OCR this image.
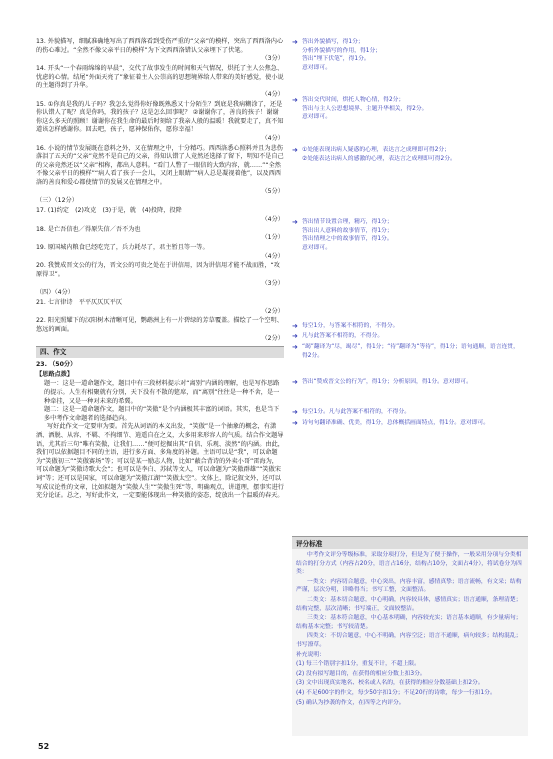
13. 外貌描写，细腻准确地写出了西西落看到受伤严重的“父亲”的模样，突出了西西洛内心的伤心难过。“全然不像父亲平日的模样”为下文西西洛错认父亲埋下了伏笔。
（3分）
14. 开头“一个春雨绵绵的早晨”，交代了故事发生的时间和天气情况，烘托了主人公焦急、忧虑的心情。结尾“外面天亮了”象征着主人公崇高的思想境界给人带来的美好感觉，使小说的主题得到了升华。
（4分）
15. ①你真是我的儿子吗？我怎么觉得你好像既熟悉又十分陌生？到底是我病糊涂了，还是你认错人了呢？真是你吗，我的孩子？这是怎么回事呢？ ②谢谢你了，善良的孩子！谢谢你这么多天的照顾！谢谢你在我生命的最后时刻给了我亲人般的温暖！我就要走了，真不知道该怎样感谢你。回去吧，孩子，愿神保佑你，愿你幸福！
（4分）
16. 小说的情节发展既在意料之外，又在情理之中，十分精巧。西西洛悉心照料并且为悲伤落泪了五天的“父亲”竟然不是自己的父亲，得知认错了人竟然还选择了留下，明知不是自己的父亲竟然还以“父亲”相称，都出人意料。“看门人瞥了一眼信的大致内容，就……”“全然不像父亲平日的模样”“病人看了孩子一会儿，又闭上眼睛”“病人总是凝视着他”，以及西西洛的善良和爱心都使情节的发展又在情理之中。
（5分）
（三）（12分）
17. (1)约定　(2)攻克　(3)于是，就　(4)投降，投降
（4分）
18. 是亡吾信也／得原失信／吾不为也
（1分）
19. 原国城内粮食已经吃完了，兵力耗尽了，君主暂且等一等。
（4分）
20. 我赞成晋文公的行为，晋文公的可贵之处在于讲信用，因为讲信用才能不战而胜，“攻原得卫”。
（3分）
（四）（4分）
21. 七言律诗　平平仄仄仄平仄
（2分）
22. 阳光照耀下的汉阳树木清晰可见，鹦鹉洲上有一片碧绿的芳草覆盖。描绘了一个空明、悠远的画面。
（2分）
四、作文
23. （50分）
【思路点拨】

题一：这是一道命题作文，题目中有三段材料提示对“离别”内涵的理解，也是写作思路的提示。人生有相聚就有分别，天下没有不散的筵席，而“离别”往往是一种不舍，是一种牵挂，又是一种对未来的希冀。

题二：这是一道命题作文，题目中的“笑傲”是个内涵极其丰富的词语。其实，也是当下多中考作文命题者的选择趋向。

写好此作文一定要审为要。首先从词语的本义出发，“笑傲”是一个抽象的概念，有潇洒、洒脱、从容、不羁、不拘细节、逍遥自在之义，大多用来形容人的气质。结合作文题导语，尤其后三句“唯有笑傲，让我们……”便可挖掘出其“自信、乐观、淡然”的内涵。由此，我们可以依据题目不同的主语，进行多方面、多角度的补题。主语可以是“我”，可以命题为“笑傲初三”“笑傲赛场”等；可以是某一励志人物，比如“蔽合背诗的外卖小哥”雷海为，可以命题为“笑傲诗歌大会”；也可以是李白、苏轼等文人，可以命题为“笑傲群雄”“笑傲宋词”等；还可以是国家，可以命题为“笑傲江湖”“笑傲太空”。文体上，除记叙文外，还可以写成议论性的文章，比如拟题为“笑傲人生”“笑傲生死”等，明确观点，讲道理，摆事实进行充分论证。总之，写好此作文，一定要能体现出一种笑傲的姿态，绽放出一个温暖的春天。

➜ 答出外貌描写，得1分；
分析外貌描写的作用，得1分；
答出“埋下伏笔”，得1分。
意对即可。
➜ 答出交代时间，烘托人物心情，得2分；
答出与主人公思想境界、主题升华相关，得2分。
意对即可。
➜ ①处能表现出病人疑惑的心理，表达言之成理即可得2分；
②处能表达出病人的感激的心理，表达言之成理即可得2分。
➜ 答出情节设置合理，精巧，得1分；
答出出人意料的故事情节，得1分；
答出情理之中的故事情节，得1分。
意对即可。
➜ 每空1分，与答案不相符的，不得分。
➜ 凡与此答案不相符的，不得分。
➜ “竭”翻译为“尽，竭尽”，得1分；“待”翻译为“等待”，得1分；语句通顺，语言连贯，得2分。
➜ 答出“赞成晋文公的行为”，得1分；分析原因，得1分。意对即可。
➜ 每空1分。凡与此答案不相符的，不得分。
➜ 诗句句翻译准确、优美，得1分，总体概括画面特点，得1分。意对即可。
评分标准

中考作文评分等级标准，采取分项打分，但是为了便于操作，一般采用分项与分类相结合的打分方式（内容占20分，语言占16分，结构占10分，文面占4分），将试卷分为四类：

一类文：内容切合题意，中心突出，内容丰富，感情真挚；语言流畅，有文采；结构严谨，层次分明，详略得当；书写工整，文面整洁。

二类文：基本切合题意，中心明确，内容较具体，感情真实；语言通顺，条理清楚；结构完整，层次清晰；书写端正，文面较整洁。

三类文：基本符合题意，中心基本明确，内容较充实；语言基本通顺，有少量病句；结构基本完整；书写较清楚。

四类文：不切合题意，中心不明确，内容空泛；语言不通顺，病句较多；结构混乱；书写潦草。

补充说明：

(1) 每三个错别字扣1分，重复不计，不超上限。

(2) 没有拟写题目的，在获得的相应分数上扣3分。

(3) 文中出现真实地名、校名或人名的，在获得的相应分数基础上扣2分。

(4) 不足600字的作文，每少50字扣1分；不足20行的诗歌，每少一行扣1分。

(5) 确认为抄袭的作文，在四等之内评分。

52
